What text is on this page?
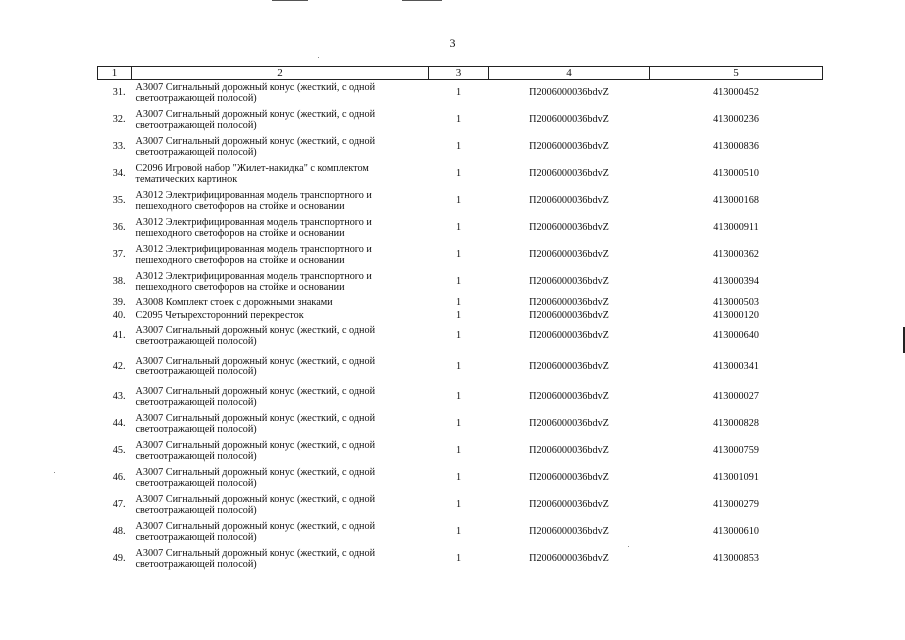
3
1	2	3	4	5
31.	А3007 Сигнальный дорожный конус (жесткий, с одной светоотражающей полосой)	1	П2006000036bdvZ	413000452
32.	А3007 Сигнальный дорожный конус (жесткий, с одной светоотражающей полосой)	1	П2006000036bdvZ	413000236
33.	А3007 Сигнальный дорожный конус (жесткий, с одной светоотражающей полосой)	1	П2006000036bdvZ	413000836
34.	С2096 Игровой набор "Жилет-накидка" с комплектом тематических картинок	1	П2006000036bdvZ	413000510
35.	А3012 Электрифицированная модель транспортного и пешеходного светофоров на стойке и основании	1	П2006000036bdvZ	413000168
36.	А3012 Электрифицированная модель транспортного и пешеходного светофоров на стойке и основании	1	П2006000036bdvZ	413000911
37.	А3012 Электрифицированная модель транспортного и пешеходного светофоров на стойке и основании	1	П2006000036bdvZ	413000362
38.	А3012 Электрифицированная модель транспортного и пешеходного светофоров на стойке и основании	1	П2006000036bdvZ	413000394
39.	А3008 Комплект стоек с дорожными знаками	1	П2006000036bdvZ	413000503
40.	С2095 Четырехсторонний перекресток	1	П2006000036bdvZ	413000120
41.	А3007 Сигнальный дорожный конус (жесткий, с одной светоотражающей полосой)	1	П2006000036bdvZ	413000640
42.	А3007 Сигнальный дорожный конус (жесткий, с одной светоотражающей полосой)	1	П2006000036bdvZ	413000341
43.	А3007 Сигнальный дорожный конус (жесткий, с одной светоотражающей полосой)	1	П2006000036bdvZ	413000027
44.	А3007 Сигнальный дорожный конус (жесткий, с одной светоотражающей полосой)	1	П2006000036bdvZ	413000828
45.	А3007 Сигнальный дорожный конус (жесткий, с одной светоотражающей полосой)	1	П2006000036bdvZ	413000759
46.	А3007 Сигнальный дорожный конус (жесткий, с одной светоотражающей полосой)	1	П2006000036bdvZ	413001091
47.	А3007 Сигнальный дорожный конус (жесткий, с одной светоотражающей полосой)	1	П2006000036bdvZ	413000279
48.	А3007 Сигнальный дорожный конус (жесткий, с одной светоотражающей полосой)	1	П2006000036bdvZ	413000610
49.	А3007 Сигнальный дорожный конус (жесткий, с одной светоотражающей полосой)	1	П2006000036bdvZ	413000853
